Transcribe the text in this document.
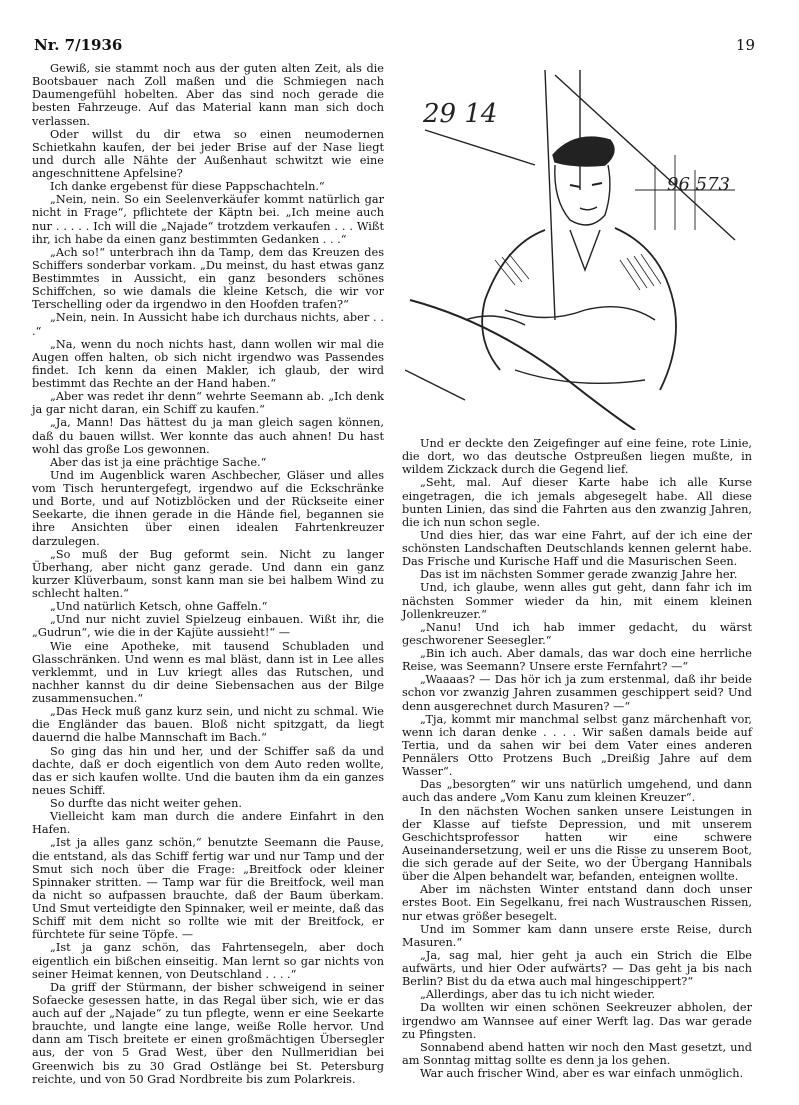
Nr. 7/1936	19

Gewiß, sie stammt noch aus der guten alten Zeit, als die Bootsbauer nach Zoll maßen und die Schmiegen nach Daumengefühl hobelten. Aber das sind noch gerade die besten Fahrzeuge. Auf das Material kann man sich doch verlassen.

Oder willst du dir etwa so einen neumodernen Schietkahn kaufen, der bei jeder Brise auf der Nase liegt und durch alle Nähte der Außenhaut schwitzt wie eine angeschnittene Apfelsine?

Ich danke ergebenst für diese Pappschachteln.“

„Nein, nein. So ein Seelenverkäufer kommt natürlich gar nicht in Frage“, pflichtete der Käptn bei. „Ich meine auch nur . . . . . Ich will die „Najade“ trotzdem verkaufen . . . Wißt ihr, ich habe da einen ganz bestimmten Gedanken . . .“

„Ach so!“ unterbrach ihn da Tamp, dem das Kreuzen des Schiffers sonderbar vorkam. „Du meinst, du hast etwas ganz Bestimmtes in Aussicht, ein ganz besonders schönes Schiffchen, so wie damals die kleine Ketsch, die wir vor Terschelling oder da irgendwo in den Hoofden trafen?“

„Nein, nein. In Aussicht habe ich durchaus nichts, aber . . .“

„Na, wenn du noch nichts hast, dann wollen wir mal die Augen offen halten, ob sich nicht irgendwo was Passendes findet. Ich kenn da einen Makler, ich glaub, der wird bestimmt das Rechte an der Hand haben.“

„Aber was redet ihr denn“ wehrte Seemann ab. „Ich denk ja gar nicht daran, ein Schiff zu kaufen.“

„Ja, Mann! Das hättest du ja man gleich sagen können, daß du bauen willst. Wer konnte das auch ahnen! Du hast wohl das große Los gewonnen.

Aber das ist ja eine prächtige Sache.“

Und im Augenblick waren Aschbecher, Gläser und alles vom Tisch heruntergefegt, irgendwo auf die Eckschränke und Borte, und auf Notizblöcken und der Rückseite einer Seekarte, die ihnen gerade in die Hände fiel, begannen sie ihre Ansichten über einen idealen Fahrtenkreuzer darzulegen.

„So muß der Bug geformt sein. Nicht zu langer Überhang, aber nicht ganz gerade. Und dann ein ganz kurzer Klüverbaum, sonst kann man sie bei halbem Wind zu schlecht halten.“

„Und natürlich Ketsch, ohne Gaffeln.“

„Und nur nicht zuviel Spielzeug einbauen. Wißt ihr, die „Gudrun“, wie die in der Kajüte aussieht!“ —

Wie eine Apotheke, mit tausend Schubladen und Glasschränken. Und wenn es mal bläst, dann ist in Lee alles verklemmt, und in Luv kriegt alles das Rutschen, und nachher kannst du dir deine Siebensachen aus der Bilge zusammensuchen.“

„Das Heck muß ganz kurz sein, und nicht zu schmal. Wie die Engländer das bauen. Bloß nicht spitzgatt, da liegt dauernd die halbe Mannschaft im Bach.“

So ging das hin und her, und der Schiffer saß da und dachte, daß er doch eigentlich von dem Auto reden wollte, das er sich kaufen wollte. Und die bauten ihm da ein ganzes neues Schiff.

So durfte das nicht weiter gehen.

Vielleicht kam man durch die andere Einfahrt in den Hafen.

„Ist ja alles ganz schön,“ benutzte Seemann die Pause, die entstand, als das Schiff fertig war und nur Tamp und der Smut sich noch über die Frage: „Breitfock oder kleiner Spinnaker stritten. — Tamp war für die Breitfock, weil man da nicht so aufpassen brauchte, daß der Baum überkam. Und Smut verteidigte den Spinnaker, weil er meinte, daß das Schiff mit dem nicht so rollte wie mit der Breitfock, er fürchtete für seine Töpfe. —

„Ist ja ganz schön, das Fahrtensegeln, aber doch eigentlich ein bißchen einseitig. Man lernt so gar nichts von seiner Heimat kennen, von Deutschland . . . .“

Da griff der Stürmann, der bisher schweigend in seiner Sofaecke gesessen hatte, in das Regal über sich, wie er das auch auf der „Najade“ zu tun pflegte, wenn er eine Seekarte brauchte, und langte eine lange, weiße Rolle hervor. Und dann am Tisch breitete er einen großmächtigen Übersegler aus, der von 5 Grad West, über den Nullmeridian bei Greenwich bis zu 30 Grad Ostlänge bei St. Petersburg reichte, und von 50 Grad Nordbreite bis zum Polarkreis.

29 14
96 573

Und er deckte den Zeigefinger auf eine feine, rote Linie, die dort, wo das deutsche Ostpreußen liegen mußte, in wildem Zickzack durch die Gegend lief.

„Seht, mal. Auf dieser Karte habe ich alle Kurse eingetragen, die ich jemals abgesegelt habe. All diese bunten Linien, das sind die Fahrten aus den zwanzig Jahren, die ich nun schon segle.

Und dies hier, das war eine Fahrt, auf der ich eine der schönsten Landschaften Deutschlands kennen gelernt habe. Das Frische und Kurische Haff und die Masurischen Seen.

Das ist im nächsten Sommer gerade zwanzig Jahre her.

Und, ich glaube, wenn alles gut geht, dann fahr ich im nächsten Sommer wieder da hin, mit einem kleinen Jollenkreuzer.“

„Nanu! Und ich hab immer gedacht, du wärst geschworener Seesegler.“

„Bin ich auch. Aber damals, das war doch eine herrliche Reise, was Seemann? Unsere erste Fernfahrt? —“

„Waaaas? — Das hör ich ja zum erstenmal, daß ihr beide schon vor zwanzig Jahren zusammen geschippert seid? Und denn ausgerechnet durch Masuren? —“

„Tja, kommt mir manchmal selbst ganz märchenhaft vor, wenn ich daran denke . . . . Wir saßen damals beide auf Tertia, und da sahen wir bei dem Vater eines anderen Pennälers Otto Protzens Buch „Dreißig Jahre auf dem Wasser“.

Das „besorgten“ wir uns natürlich umgehend, und dann auch das andere „Vom Kanu zum kleinen Kreuzer“.

In den nächsten Wochen sanken unsere Leistungen in der Klasse auf tiefste Depression, und mit unserem Geschichtsprofessor hatten wir eine schwere Auseinandersetzung, weil er uns die Risse zu unserem Boot, die sich gerade auf der Seite, wo der Übergang Hannibals über die Alpen behandelt war, befanden, enteignen wollte.

Aber im nächsten Winter entstand dann doch unser erstes Boot. Ein Segelkanu, frei nach Wustrauschen Rissen, nur etwas größer besegelt.

Und im Sommer kam dann unsere erste Reise, durch Masuren.“

„Ja, sag mal, hier geht ja auch ein Strich die Elbe aufwärts, und hier Oder aufwärts? — Das geht ja bis nach Berlin? Bist du da etwa auch mal hingeschippert?“

„Allerdings, aber das tu ich nicht wieder.

Da wollten wir einen schönen Seekreuzer abholen, der irgendwo am Wannsee auf einer Werft lag. Das war gerade zu Pfingsten.

Sonnabend abend hatten wir noch den Mast gesetzt, und am Sonntag mittag sollte es denn ja los gehen.

War auch frischer Wind, aber es war einfach unmöglich.
